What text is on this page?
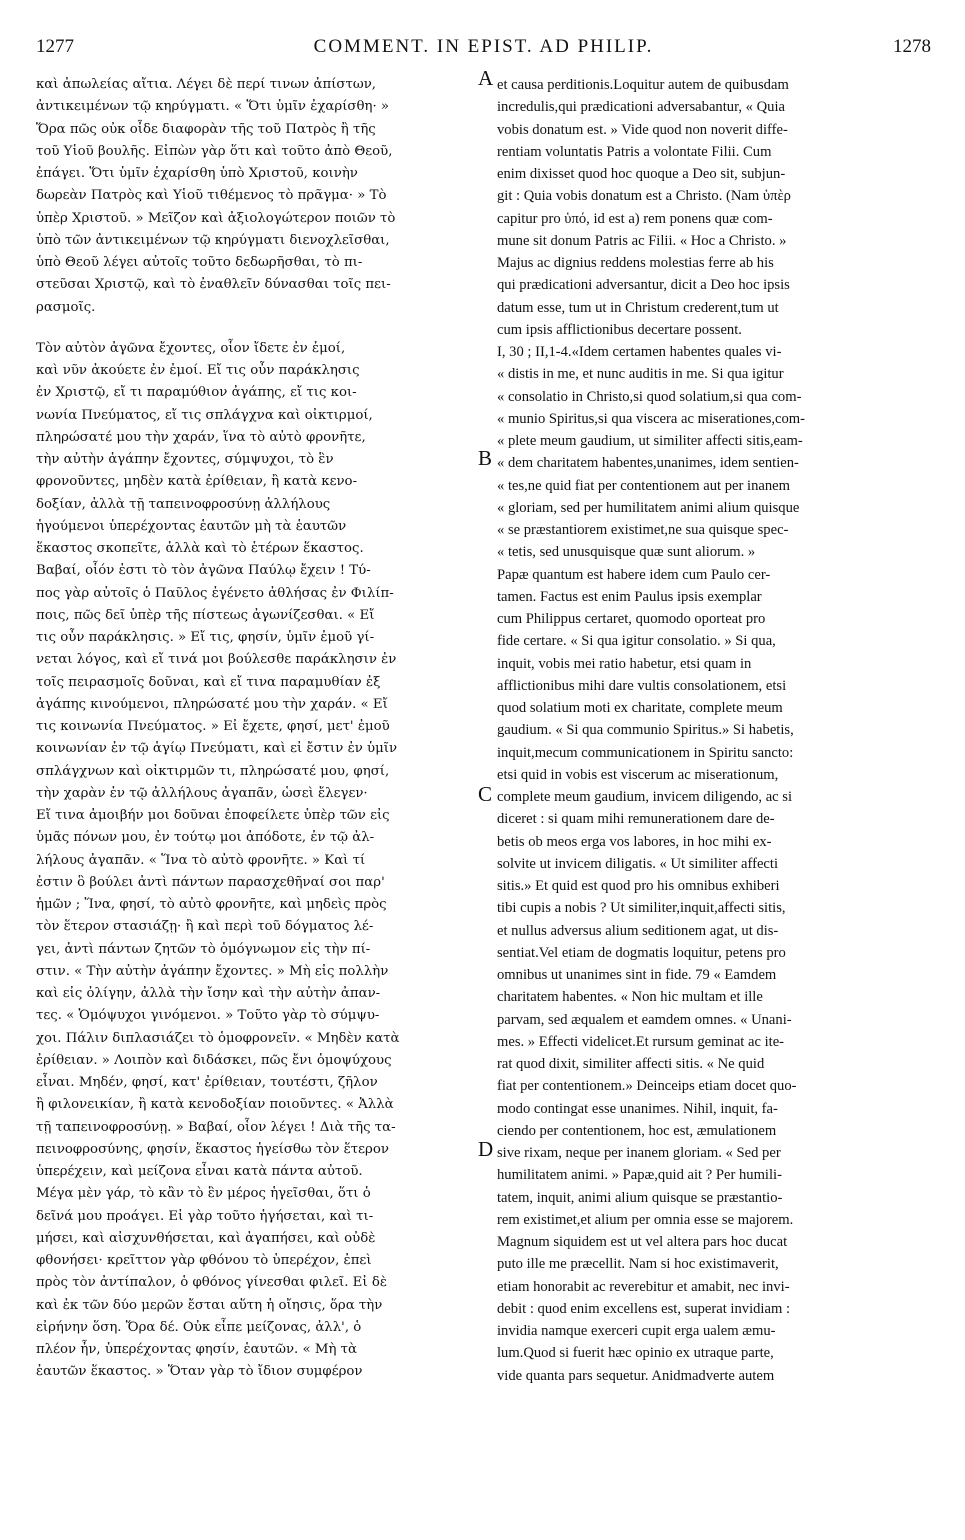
1277	COMMENT. IN EPIST. AD PHILIP.	1278
καὶ ἀπωλείας αἴτια. Λέγει δὲ περί τινων ἀπίστων,
ἀντικειμένων τῷ κηρύγματι. « Ὅτι ὑμῖν ἐχαρίσθη· »
Ὅρα πῶς οὐκ οἶδε διαφορὰν τῆς τοῦ Πατρὸς ἢ τῆς
τοῦ Υἱοῦ βουλῆς. Εἰπὼν γὰρ ὅτι καὶ τοῦτο ἀπὸ Θεοῦ,
ἐπάγει. Ὅτι ὑμῖν ἐχαρίσθη ὑπὸ Χριστοῦ, κοινὴν
δωρεὰν Πατρὸς καὶ Υἱοῦ τιθέμενος τὸ πρᾶγμα· » Τὸ
ὑπὲρ Χριστοῦ. » Μεῖζον καὶ ἀξιολογώτερον ποιῶν τὸ
ὑπὸ τῶν ἀντικειμένων τῷ κηρύγματι διενοχλεῖσθαι,
ὑπὸ Θεοῦ λέγει αὐτοῖς τοῦτο δεδωρῆσθαι, τὸ πι-
στεῦσαι Χριστῷ, καὶ τὸ ἐναθλεῖν δύνασθαι τοῖς πει-
ρασμοῖς.
Τὸν αὐτὸν ἀγῶνα ἔχοντες, οἷον ἴδετε ἐν ἐμοί,
καὶ νῦν ἀκούετε ἐν ἐμοί. Εἴ τις οὖν παράκλησις
ἐν Χριστῷ, εἴ τι παραμύθιον ἀγάπης, εἴ τις κοι-
νωνία Πνεύματος, εἴ τις σπλάγχνα καὶ οἰκτιρμοί,
πληρώσατέ μου τὴν χαράν, ἵνα τὸ αὐτὸ φρονῆτε,
τὴν αὐτὴν ἀγάπην ἔχοντες, σύμψυχοι, τὸ ἓν
φρονοῦντες, μηδὲν κατὰ ἐρίθειαν, ἢ κατὰ κενο-
δοξίαν, ἀλλὰ τῇ ταπεινοφροσύνῃ ἀλλήλους
ἡγούμενοι ὑπερέχοντας ἑαυτῶν μὴ τὰ ἑαυτῶν
ἕκαστος σκοπεῖτε, ἀλλὰ καὶ τὸ ἑτέρων ἕκαστος.
Βαβαί, οἷόν ἐστι τὸ τὸν ἀγῶνα Παύλῳ ἔχειν ! Τύ-
πος γὰρ αὐτοῖς ὁ Παῦλος ἐγένετο ἀθλήσας ἐν Φιλίπ-
ποις, πῶς δεῖ ὑπὲρ τῆς πίστεως ἀγωνίζεσθαι. « Εἴ
τις οὖν παράκλησις. » Εἴ τις, φησίν, ὑμῖν ἐμοῦ γί-
νεται λόγος, καὶ εἴ τινά μοι βούλεσθε παράκλησιν ἐν
τοῖς πειρασμοῖς δοῦναι, καὶ εἴ τινα παραμυθίαν ἐξ
ἀγάπης κινούμενοι, πληρώσατέ μου τὴν χαράν. « Εἴ
τις κοινωνία Πνεύματος. » Εἰ ἔχετε, φησί, μετ' ἐμοῦ
κοινωνίαν ἐν τῷ ἁγίῳ Πνεύματι, καὶ εἰ ἔστιν ἐν ὑμῖν
σπλάγχνων καὶ οἰκτιρμῶν τι, πληρώσατέ μου, φησί,
τὴν χαρὰν ἐν τῷ ἀλλήλους ἀγαπᾶν, ὡσεὶ ἔλεγεν·
Εἴ τινα ἀμοιβήν μοι δοῦναι ἐποφείλετε ὑπὲρ τῶν εἰς
ὑμᾶς πόνων μου, ἐν τούτῳ μοι ἀπόδοτε, ἐν τῷ ἀλ-
λήλους ἀγαπᾶν. « Ἵνα τὸ αὐτὸ φρονῆτε. » Καὶ τί
ἐστιν ὃ βούλει ἀντὶ πάντων παρασχεθῆναί σοι παρ'
ἡμῶν ; Ἵνα, φησί, τὸ αὐτὸ φρονῆτε, καὶ μηδεὶς πρὸς
τὸν ἕτερον στασιάζῃ· ἢ καὶ περὶ τοῦ δόγματος λέ-
γει, ἀντὶ πάντων ζητῶν τὸ ὁμόγνωμον εἰς τὴν πί-
στιν. « Τὴν αὐτὴν ἀγάπην ἔχοντες. » Μὴ εἰς πολλὴν
καὶ εἰς ὀλίγην, ἀλλὰ τὴν ἴσην καὶ τὴν αὐτὴν ἀπαν-
τες. « Ὁμόψυχοι γινόμενοι. » Τοῦτο γὰρ τὸ σύμψυ-
χοι. Πάλιν διπλασιάζει τὸ ὁμοφρονεῖν. « Μηδὲν κατὰ
ἐρίθειαν. » Λοιπὸν καὶ διδάσκει, πῶς ἔνι ὁμοψύχους
εἶναι. Μηδέν, φησί, κατ' ἐρίθειαν, τουτέστι, ζῆλον
ἢ φιλονεικίαν, ἢ κατὰ κενοδοξίαν ποιοῦντες. « Ἀλλὰ
τῇ ταπεινοφροσύνῃ. » Βαβαί, οἷον λέγει ! Διὰ τῆς τα-
πεινοφροσύνης, φησίν, ἕκαστος ἡγείσθω τὸν ἕτερον
ὑπερέχειν, καὶ μείζονα εἶναι κατὰ πάντα αὐτοῦ.
Μέγα μὲν γάρ, τὸ κἂν τὸ ἓν μέρος ἡγεῖσθαι, ὅτι ὁ
δεῖνά μου προάγει. Εἰ γὰρ τοῦτο ἡγήσεται, καὶ τι-
μήσει, καὶ αἰσχυνθήσεται, καὶ ἀγαπήσει, καὶ οὐδὲ
φθονήσει· κρεῖττον γὰρ φθόνου τὸ ὑπερέχον, ἐπεὶ
πρὸς τὸν ἀντίπαλον, ὁ φθόνος γίνεσθαι φιλεῖ. Εἰ δὲ
καὶ ἐκ τῶν δύο μερῶν ἔσται αὕτη ἡ οἴησις, ὅρα τὴν
εἰρήνην ὅση. Ὅρα δέ. Οὐκ εἶπε μείζονας, ἀλλ', ὁ
πλέον ἦν, ὑπερέχοντας φησίν, ἑαυτῶν. « Μὴ τὰ
ἑαυτῶν ἕκαστος. » Ὅταν γὰρ τὸ ἴδιον συμφέρον
et causa perditionis.Loquitur autem de quibusdam
incredulis,qui prædicationi adversabantur, « Quia
vobis donatum est. » Vide quod non noverit diffe-
rentiam voluntatis Patris a volontate Filii. Cum
enim dixisset quod hoc quoque a Deo sit, subjun-
git : Quia vobis donatum est a Christo. (Nam ὑπὲρ
capitur pro ὑπό, id est a) rem ponens quæ com-
mune sit donum Patris ac Filii. « Hoc a Christo. »
Majus ac dignius reddens molestias ferre ab his
qui prædicationi adversantur, dicit a Deo hoc ipsis
datum esse, tum ut in Christum crederent,tum ut
cum ipsis afflictionibus decertare possent.
I, 30 ; II,1-4.«Idem certamen habentes quales vi-
« distis in me, et nunc auditis in me. Si qua igitur
« consolatio in Christo,si quod solatium,si qua com-
« munio Spiritus,si qua viscera ac miserationes,com-
« plete meum gaudium, ut similiter affecti sitis,eam-
« dem charitatem habentes,unanimes, idem sentien-
« tes,ne quid fiat per contentionem aut per inanem
« gloriam, sed per humilitatem animi alium quisque
« se præstantiorem existimet,ne sua quisque spec-
« tetis, sed unusquisque quæ sunt aliorum. »
Papæ quantum est habere idem cum Paulo cer-
tamen. Factus est enim Paulus ipsis exemplar
cum Philippus certaret, quomodo oporteat pro
fide certare. « Si qua igitur consolatio. » Si qua,
inquit, vobis mei ratio habetur, etsi quam in
afflictionibus mihi dare vultis consolationem, etsi
quod solatium moti ex charitate, complete meum
gaudium. « Si qua communio Spiritus.» Si habetis,
inquit,mecum communicationem in Spiritu sancto:
etsi quid in vobis est viscerum ac miserationum,
complete meum gaudium, invicem diligendo, ac si
diceret : si quam mihi remunerationem dare de-
betis ob meos erga vos labores, in hoc mihi ex-
solvite ut invicem diligatis. « Ut similiter affecti
sitis.» Et quid est quod pro his omnibus exhiberi
tibi cupis a nobis ? Ut similiter,inquit,affecti sitis,
et nullus adversus alium seditionem agat, ut dis-
sentiat.Vel etiam de dogmatis loquitur, petens pro
omnibus ut unanimes sint in fide. 79 « Eamdem
charitatem habentes. « Non hic multam et ille
parvam, sed æqualem et eamdem omnes. « Unani-
mes. » Effecti videlicet.Et rursum geminat ac ite-
rat quod dixit, similiter affecti sitis. « Ne quid
fiat per contentionem.» Deinceips etiam docet quo-
modo contingat esse unanimes. Nihil, inquit, fa-
ciendo per contentionem, hoc est, æmulationem
sive rixam, neque per inanem gloriam. « Sed per
humilitatem animi. » Papæ,quid ait ? Per humili-
tatem, inquit, animi alium quisque se præstantio-
rem existimet,et alium per omnia esse se majorem.
Magnum siquidem est ut vel altera pars hoc ducat
puto ille me præcellit. Nam si hoc existimaverit,
etiam honorabit ac reverebitur et amabit, nec invi-
debit : quod enim excellens est, superat invidiam :
invidia namque exerceri cupit erga ualem æmu-
lum.Quod si fuerit hæc opinio ex utraque parte,
vide quanta pars sequetur. Anidmadverte autem
A
B
C
D
